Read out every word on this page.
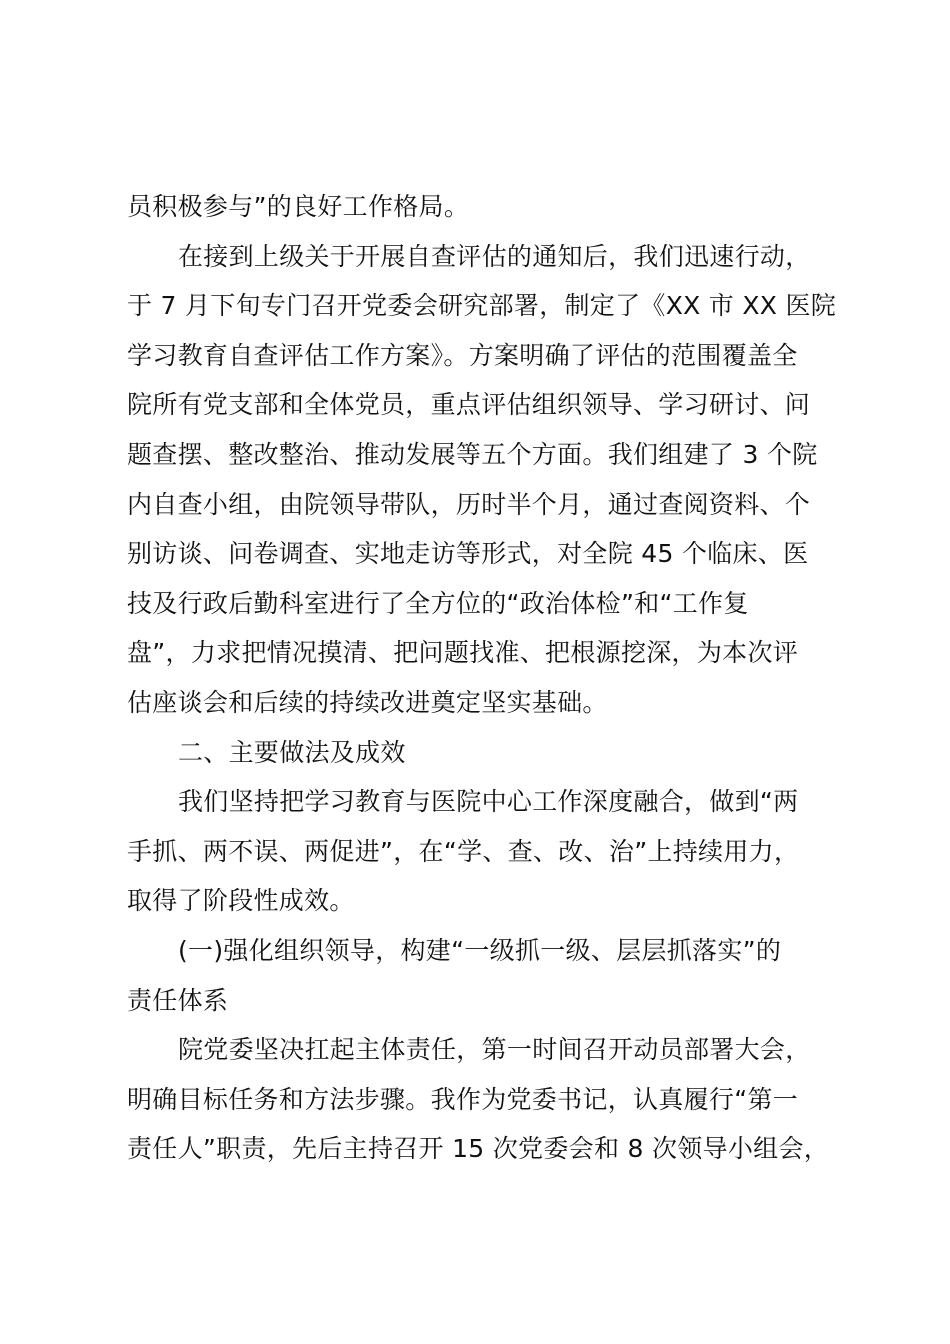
员积极参与”的良好工作格局。
在接到上级关于开展自查评估的通知后，我们迅速行动，
于 7 月下旬专门召开党委会研究部署，制定了《XX 市 XX 医院
学习教育自查评估工作方案》。方案明确了评估的范围覆盖全
院所有党支部和全体党员，重点评估组织领导、学习研讨、问
题查摆、整改整治、推动发展等五个方面。我们组建了 3 个院
内自查小组，由院领导带队，历时半个月，通过查阅资料、个
别访谈、问卷调查、实地走访等形式，对全院 45 个临床、医
技及行政后勤科室进行了全方位的“政治体检”和“工作复
盘”，力求把情况摸清、把问题找准、把根源挖深，为本次评
估座谈会和后续的持续改进奠定坚实基础。
二、主要做法及成效
我们坚持把学习教育与医院中心工作深度融合，做到“两
手抓、两不误、两促进”，在“学、查、改、治”上持续用力，
取得了阶段性成效。
(一)强化组织领导，构建“一级抓一级、层层抓落实”的
责任体系
院党委坚决扛起主体责任，第一时间召开动员部署大会，
明确目标任务和方法步骤。我作为党委书记，认真履行“第一
责任人”职责，先后主持召开 15 次党委会和 8 次领导小组会，
